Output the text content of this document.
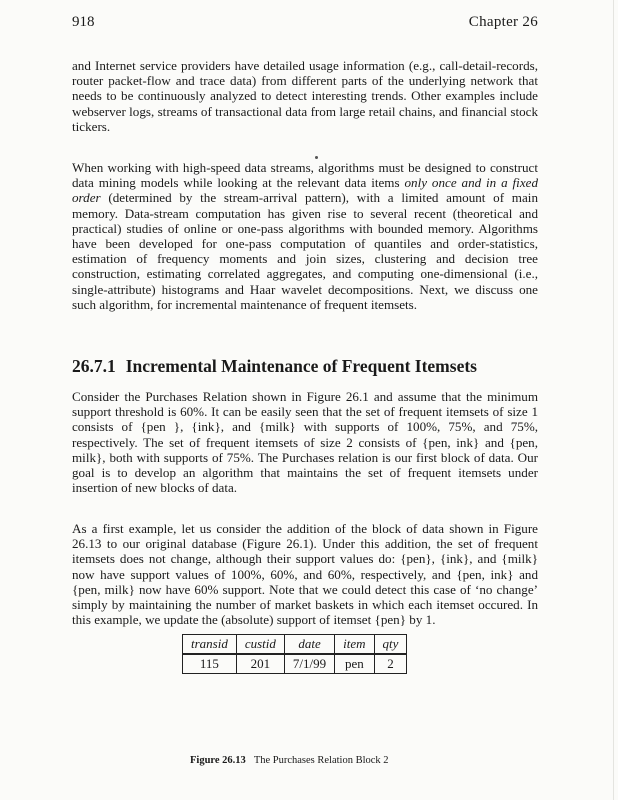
918	Chapter 26

and Internet service providers have detailed usage information (e.g., call-detail-records, router packet-flow and trace data) from different parts of the underlying network that needs to be continuously analyzed to detect interesting trends. Other examples include webserver logs, streams of transactional data from large retail chains, and financial stock tickers.

When working with high-speed data streams, algorithms must be designed to construct data mining models while looking at the relevant data items only once and in a fixed order (determined by the stream-arrival pattern), with a limited amount of main memory. Data-stream computation has given rise to several recent (theoretical and practical) studies of online or one-pass algorithms with bounded memory. Algorithms have been developed for one-pass computation of quantiles and order-statistics, estimation of frequency moments and join sizes, clustering and decision tree construction, estimating correlated aggregates, and computing one-dimensional (i.e., single-attribute) histograms and Haar wavelet decompositions. Next, we discuss one such algorithm, for incremental maintenance of frequent itemsets.

26.7.1 Incremental Maintenance of Frequent Itemsets

Consider the Purchases Relation shown in Figure 26.1 and assume that the minimum support threshold is 60%. It can be easily seen that the set of frequent itemsets of size 1 consists of {pen }, {ink}, and {milk} with supports of 100%, 75%, and 75%, respectively. The set of frequent itemsets of size 2 consists of {pen, ink} and {pen, milk}, both with supports of 75%. The Purchases relation is our first block of data. Our goal is to develop an algorithm that maintains the set of frequent itemsets under insertion of new blocks of data.

As a first example, let us consider the addition of the block of data shown in Figure 26.13 to our original database (Figure 26.1). Under this addition, the set of frequent itemsets does not change, although their support values do: {pen}, {ink}, and {milk} now have support values of 100%, 60%, and 60%, respectively, and {pen, ink} and {pen, milk} now have 60% support. Note that we could detect this case of ‘no change’ simply by maintaining the number of market baskets in which each itemset occured. In this example, we update the (absolute) support of itemset {pen} by 1.

transid	custid	date	item	qty
115	201	7/1/99	pen	2
Figure 26.13 The Purchases Relation Block 2
